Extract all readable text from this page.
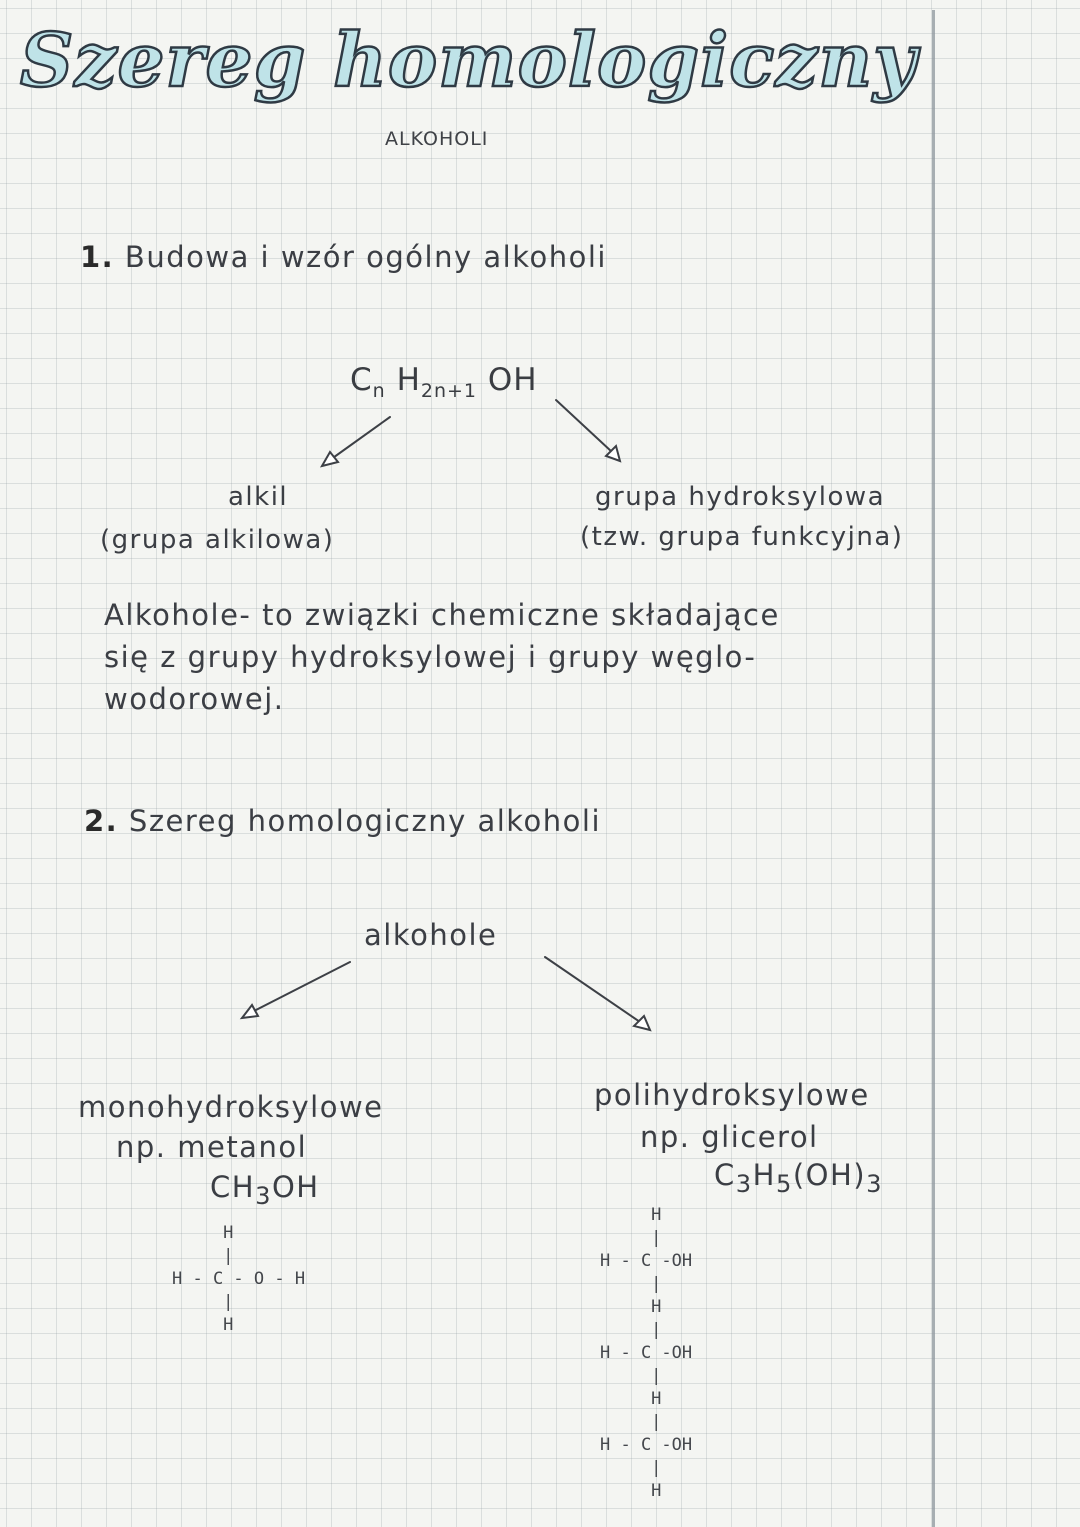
Szereg homologiczny
ALKOHOLI
1. Budowa i wzór ogólny alkoholi
$C_n$ $H_{2n+1}$ OH
alkil
(grupa alkilowa)
grupa hydroksylowa
(tzw. grupa funkcyjna)
Alkohole- to związki chemiczne składające
się z grupy hydroksylowej i grupy węglo-
wodorowej.
2. Szereg homologiczny alkoholi
alkohole
monohydroksylowe
np. metanol
$CH_3OH$
H
|
H - C - O - H
|
H
polihydroksylowe
np. glicerol
$C_3H_5(OH)_3$
H
|
H - C -OH
|
H
|
H - C -OH
|
H
|
H - C -OH
|
H
